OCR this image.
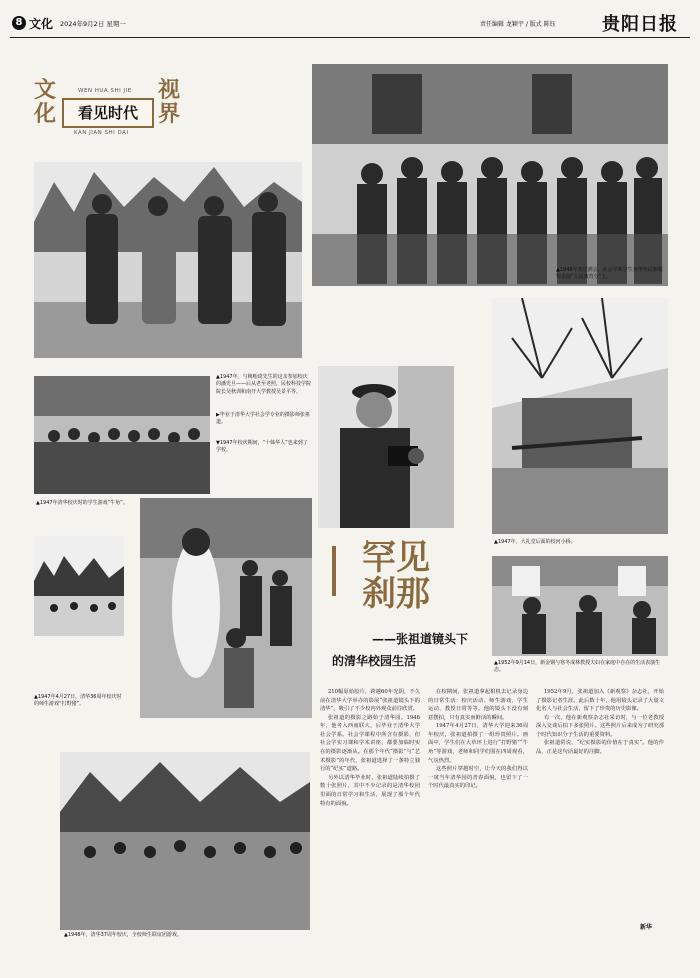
8 文化 2024年9月2日 星期一	责任编辑 龙颖宇 / 版式 陈钰	贵阳日报
文化
WEN HUA SHI JIE
看见时代
KAN JIAN SHI DAI
视界
▲1948年欢送酒会，社会学系学生身穿各民族服饰表演“人民教育分”上。
▲1947年，与梅贻琦先生的这亲参加校庆的潘光旦——后从老至老照，民校科技学院院长吴秋训和南开大学教授吴景平等。
▶毕业于清华大学社会学专业的摄影师张祖道。
▼1947年校庆期间，“十姊华人”也来到了学校。
▲1947年清华校庆时的学生游戏“牛角”。
▲1947年，大礼堂后面的校河小桥。
▲1947年4月27日，清华36周年校庆时的师生游戏“打野猪”。
▲1952年9月14日，新金钢与寒冬成林教授夫妇在家庭中自在的生活表演生态。
▲1948年，清华37周年校庆，全校师生联谊团游戏。
罕见
刹那
——张祖道镜头下
的清华校园生活

210幅原始胶片，跨越60年光阴，不久前在清华大学举办的影展“张祖道镜头下的清华”，吸引了不少校内外观众前往欣赏。

张祖道的摄影之路始于清华园。1946年，他考入西南联大，后毕业于清华大学社会学系。社会学课程中所含有摄影，但社会学实习课和学术讲座，都要加临时实在的摄影逐渐从。在那个年代“摄影”与“艺术摄影”的年代，张祖道选择了一条特立独行的“纪实”道路。

另外以清华毕业时，张祖道陆续拍摄了数十张照片，其中不少记录的是清华校园里面的日常学习和生活，展现了那个年代特有的面貌。

在校期间，张祖道拿起相机去记录身边的日常生活：校庆活动、师生游戏、学生运动、教授日常等等。他的镜头下没有刻意摆拍，只有真实而鲜活的瞬间。

1947年4月27日，清华大学迎来36周年校庆，张祖道拍摄了一组珍贵照片。画面中，学生们在大草坪上进行“打野猪”“牛角”等游戏，老师和同学们围在四周观看，气氛热烈。

这些照片穿越时空，让今天的我们得以一窥当年清华园的青春面貌，也留下了一个时代最真实的印记。

1952年9月，张祖道加入《新观察》杂志社，开始了摄影记者生涯。此后数十年，他用镜头记录了大量文化名人与社会生活，留下了珍贵的历史影像。

有一次，他在新观察杂志社采访时，与一位老教授深入交谈后拍下多张照片。这些照片后来成为了研究那个时代知识分子生活的重要资料。

张祖道常说，“纪实摄影的价值在于真实”。他的作品，正是这句话最好的注脚。

新华
